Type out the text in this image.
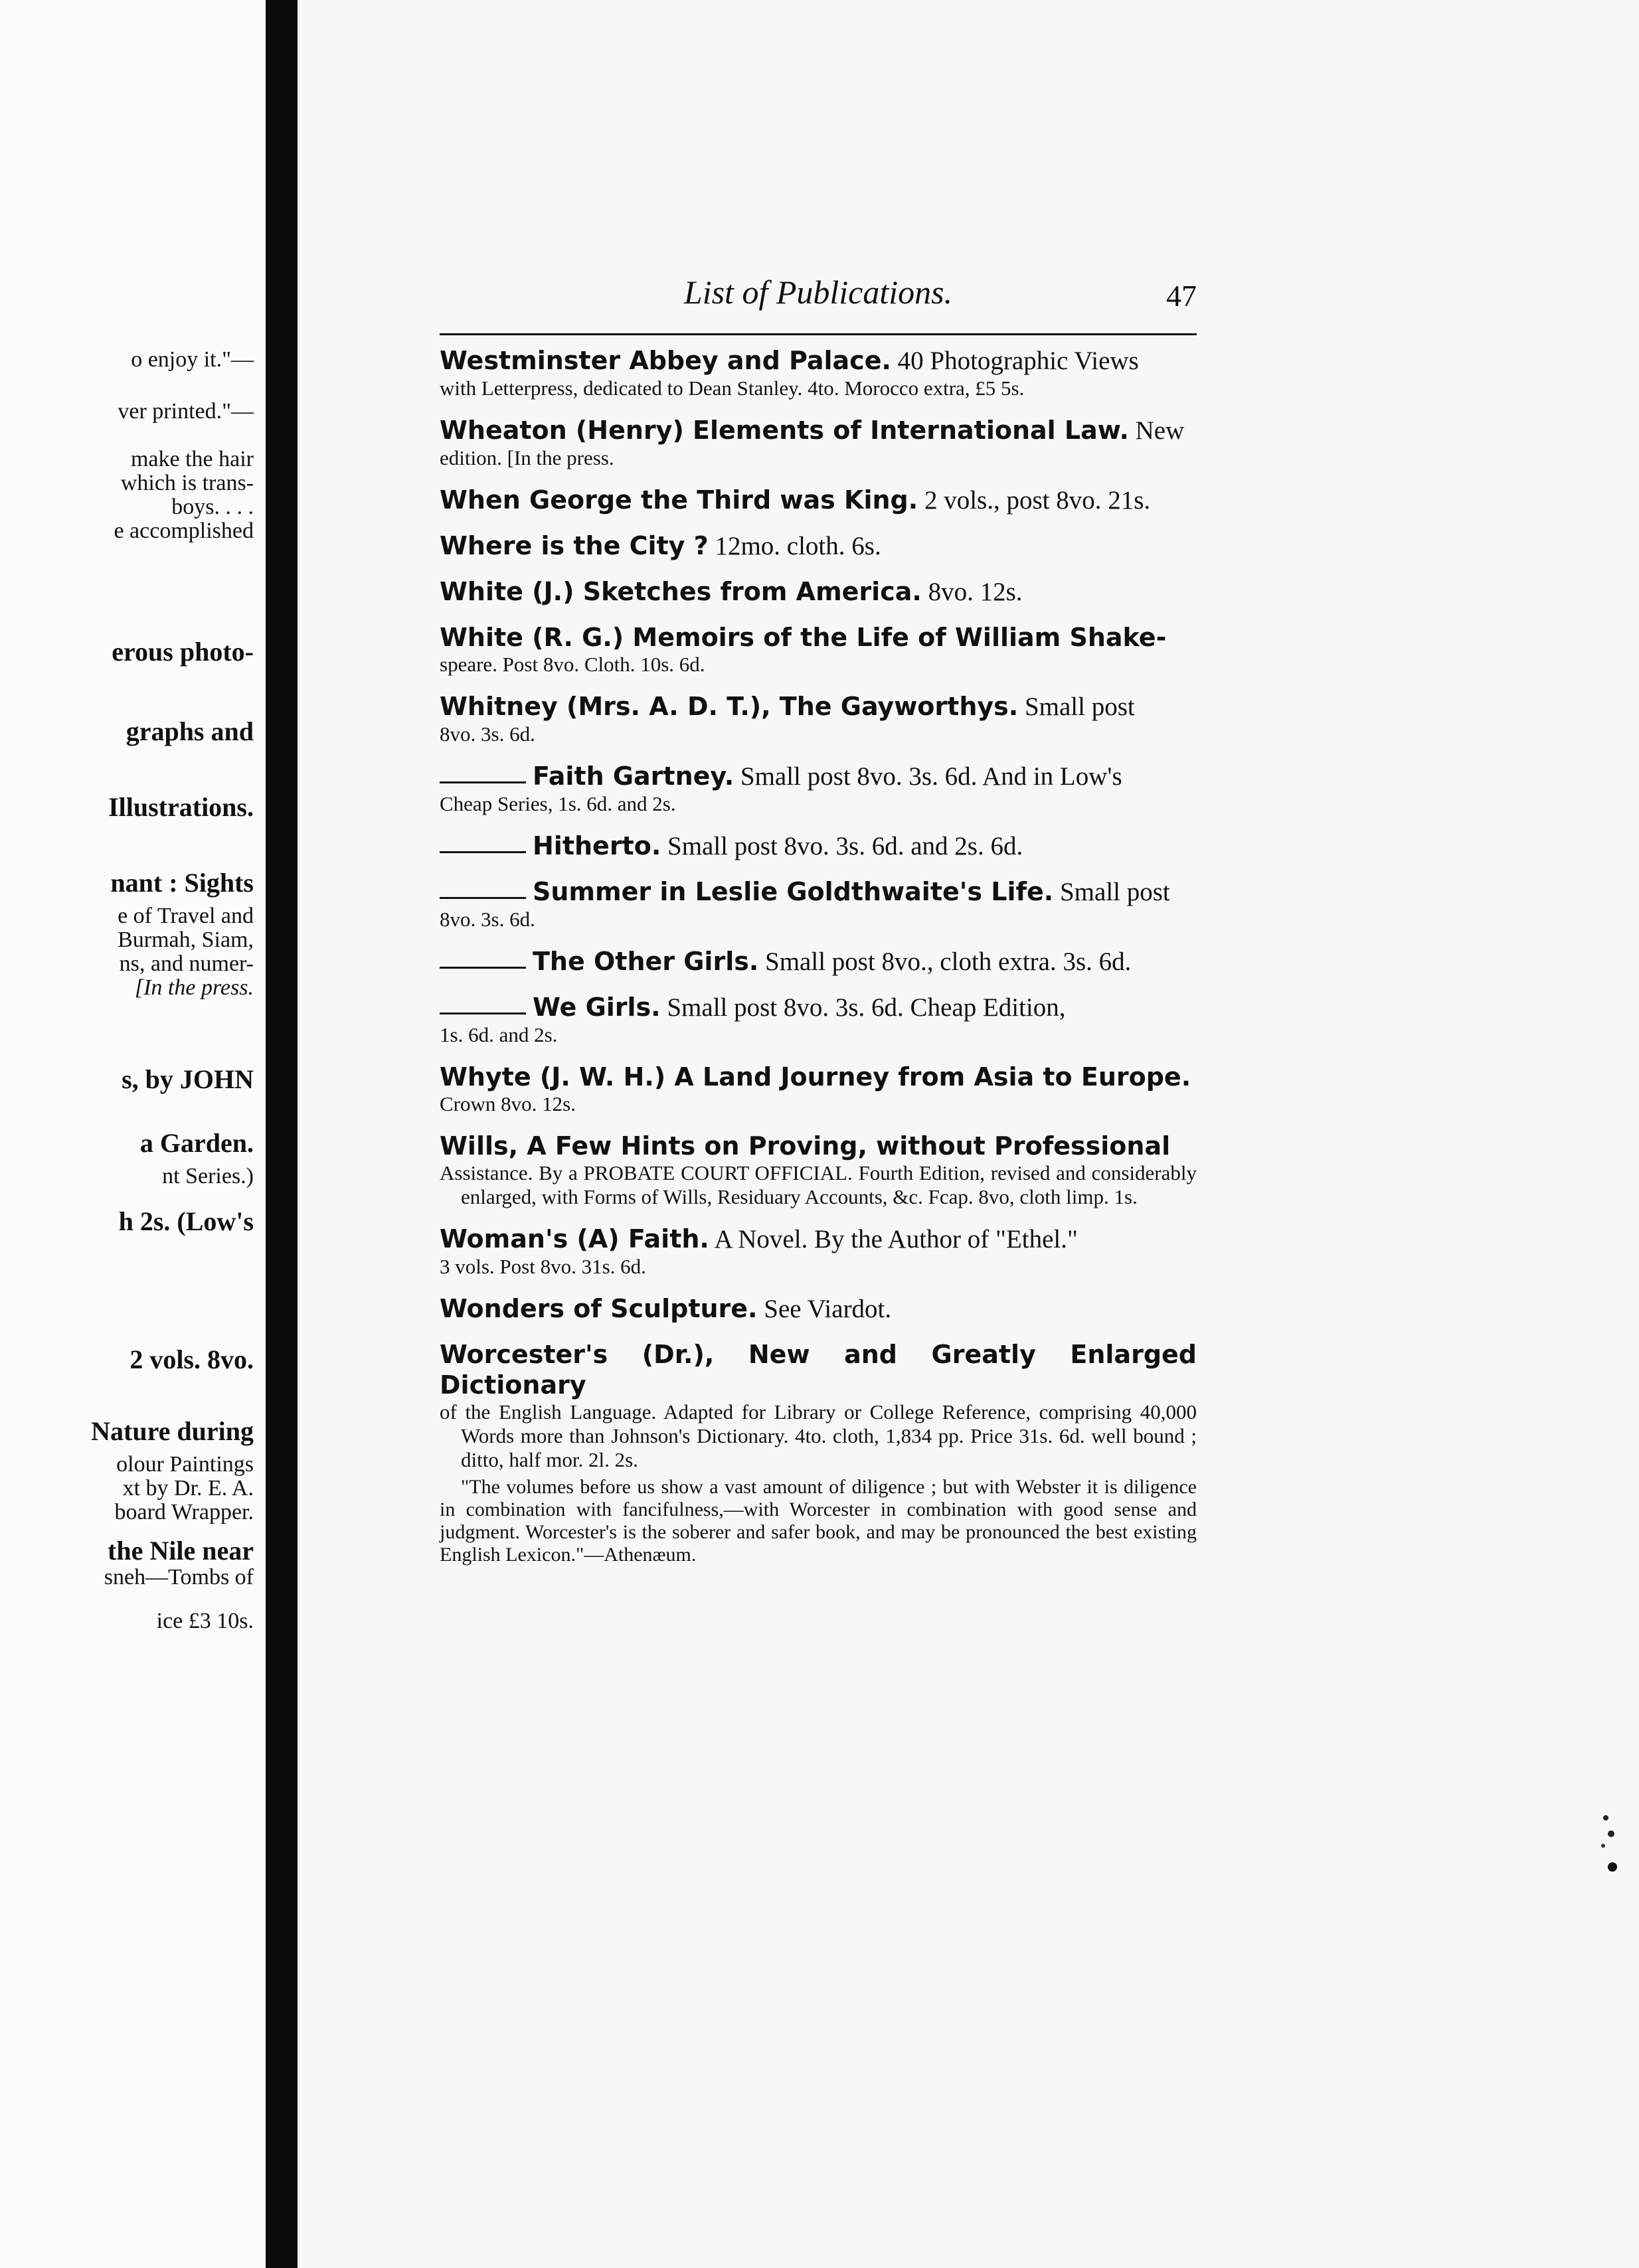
o enjoy it."—
ver printed."—
make the hair
which is trans-
boys. . . .
e accomplished
erous photo-
graphs and
Illustrations.
nant : Sights
e of Travel and
Burmah, Siam,
ns, and numer-
[In the press.
s, by JOHN
a Garden.
nt Series.)
h 2s. (Low's
2 vols. 8vo.
Nature during
olour Paintings
xt by Dr. E. A.
board Wrapper.
the Nile near
sneh—Tombs of
ice £3 10s.
List of Publications.	47
Westminster Abbey and Palace. 40 Photographic Views
with Letterpress, dedicated to Dean Stanley. 4to. Morocco extra, £5 5s.
Wheaton (Henry) Elements of International Law. New
edition. [In the press.
When George the Third was King. 2 vols., post 8vo. 21s.
Where is the City ? 12mo. cloth. 6s.
White (J.) Sketches from America. 8vo. 12s.
White (R. G.) Memoirs of the Life of William Shake-
speare. Post 8vo. Cloth. 10s. 6d.
Whitney (Mrs. A. D. T.), The Gayworthys. Small post
8vo. 3s. 6d.
Faith Gartney. Small post 8vo. 3s. 6d. And in Low's
Cheap Series, 1s. 6d. and 2s.
Hitherto. Small post 8vo. 3s. 6d. and 2s. 6d.
Summer in Leslie Goldthwaite's Life. Small post
8vo. 3s. 6d.
The Other Girls. Small post 8vo., cloth extra. 3s. 6d.
We Girls. Small post 8vo. 3s. 6d. Cheap Edition,
1s. 6d. and 2s.
Whyte (J. W. H.) A Land Journey from Asia to Europe.
Crown 8vo. 12s.
Wills, A Few Hints on Proving, without Professional
Assistance. By a PROBATE COURT OFFICIAL. Fourth Edition, revised and considerably enlarged, with Forms of Wills, Residuary Accounts, &c. Fcap. 8vo, cloth limp. 1s.
Woman's (A) Faith. A Novel. By the Author of "Ethel."
3 vols. Post 8vo. 31s. 6d.
Wonders of Sculpture. See Viardot.
Worcester's (Dr.), New and Greatly Enlarged Dictionary
of the English Language. Adapted for Library or College Reference, comprising 40,000 Words more than Johnson's Dictionary. 4to. cloth, 1,834 pp. Price 31s. 6d. well bound ; ditto, half mor. 2l. 2s.
"The volumes before us show a vast amount of diligence ; but with Webster it is diligence in combination with fancifulness,—with Worcester in combination with good sense and judgment. Worcester's is the soberer and safer book, and may be pronounced the best existing English Lexicon."—Athenæum.
